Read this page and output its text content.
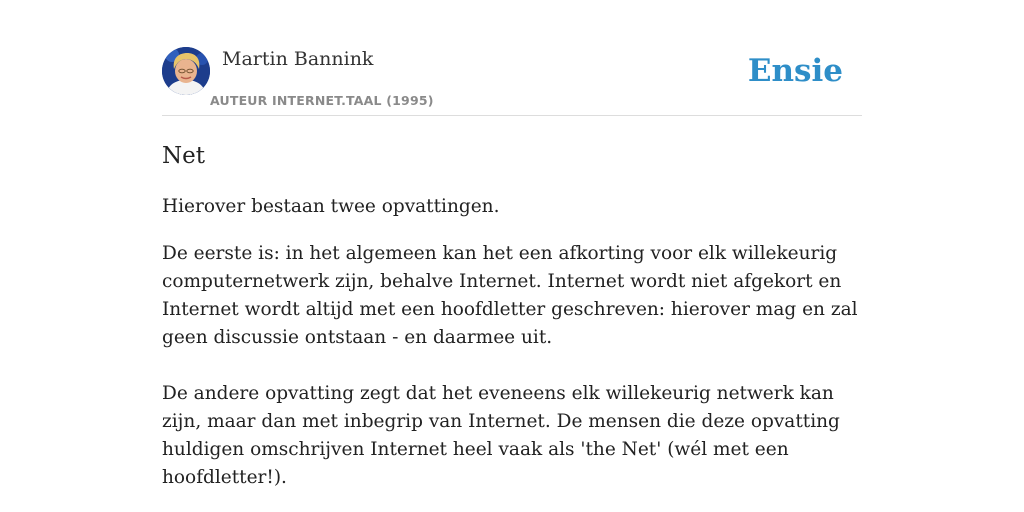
Martin Bannink
AUTEUR INTERNET.TAAL (1995)
Ensie
Net

Hierover bestaan twee opvattingen.

De eerste is: in het algemeen kan het een afkorting voor elk willekeurig computernetwerk zijn, behalve Internet. Internet wordt niet afgekort en Internet wordt altijd met een hoofdletter geschreven: hierover mag en zal geen discussie ontstaan - en daarmee uit.

De andere opvatting zegt dat het eveneens elk willekeurig netwerk kan zijn, maar dan met inbegrip van Internet. De mensen die deze opvatting huldigen omschrijven Internet heel vaak als 'the Net' (wél met een hoofdletter!).
